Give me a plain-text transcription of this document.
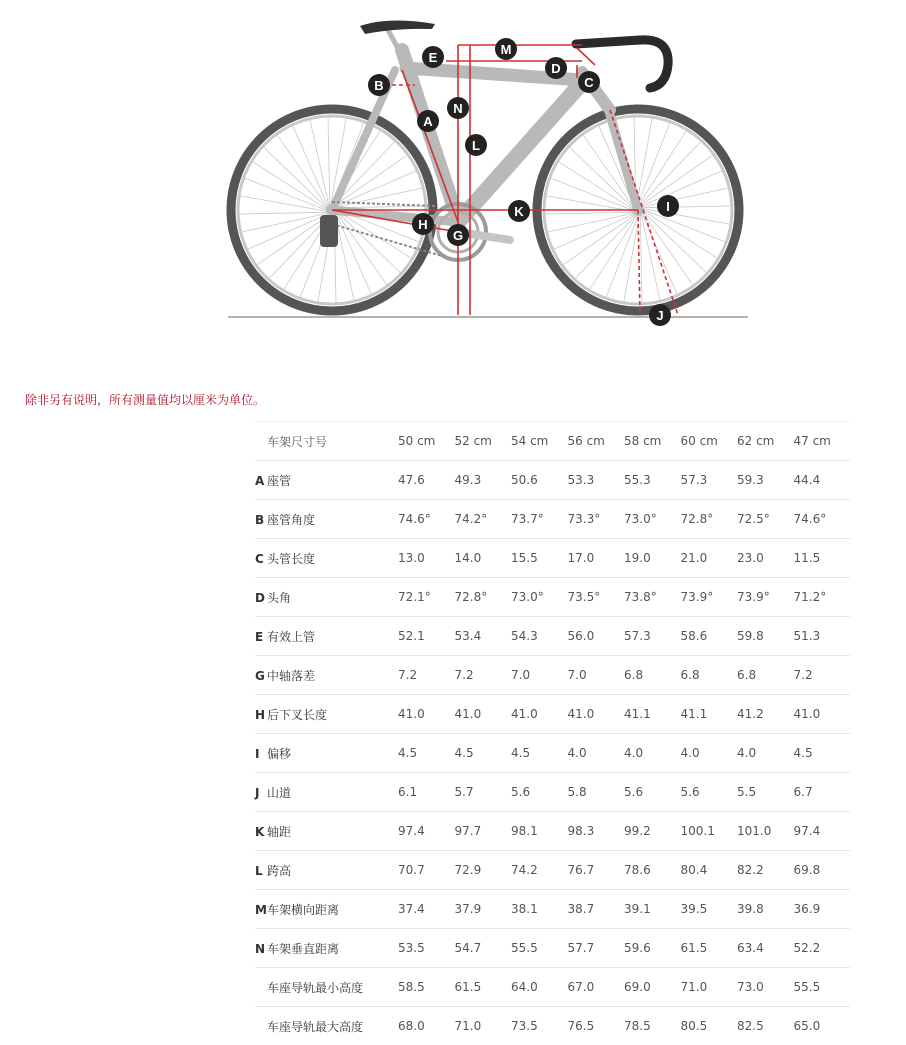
A
B	C
D
E
G
H
I
J
K
L
M
N
除非另有说明，所有测量值均以厘米为单位。
车架尺寸号	50 cm	52 cm	54 cm	56 cm	58 cm	60 cm	62 cm	47 cm
A 座管	47.6	49.3	50.6	53.3	55.3	57.3	59.3	44.4
B 座管角度	74.6°	74.2°	73.7°	73.3°	73.0°	72.8°	72.5°	74.6°
C 头管长度	13.0	14.0	15.5	17.0	19.0	21.0	23.0	11.5
D 头角	72.1°	72.8°	73.0°	73.5°	73.8°	73.9°	73.9°	71.2°
E 有效上管	52.1	53.4	54.3	56.0	57.3	58.6	59.8	51.3
G 中轴落差	7.2	7.2	7.0	7.0	6.8	6.8	6.8	7.2
H 后下叉长度	41.0	41.0	41.0	41.0	41.1	41.1	41.2	41.0
I 偏移	4.5	4.5	4.5	4.0	4.0	4.0	4.0	4.5
J 山道	6.1	5.7	5.6	5.8	5.6	5.6	5.5	6.7
K 轴距	97.4	97.7	98.1	98.3	99.2	100.1	101.0	97.4
L 跨高	70.7	72.9	74.2	76.7	78.6	80.4	82.2	69.8
M车架横向距离	37.4	37.9	38.1	38.7	39.1	39.5	39.8	36.9
N 车架垂直距离	53.5	54.7	55.5	57.7	59.6	61.5	63.4	52.2
车座导轨最小高度	58.5	61.5	64.0	67.0	69.0	71.0	73.0	55.5
车座导轨最大高度	68.0	71.0	73.5	76.5	78.5	80.5	82.5	65.0
